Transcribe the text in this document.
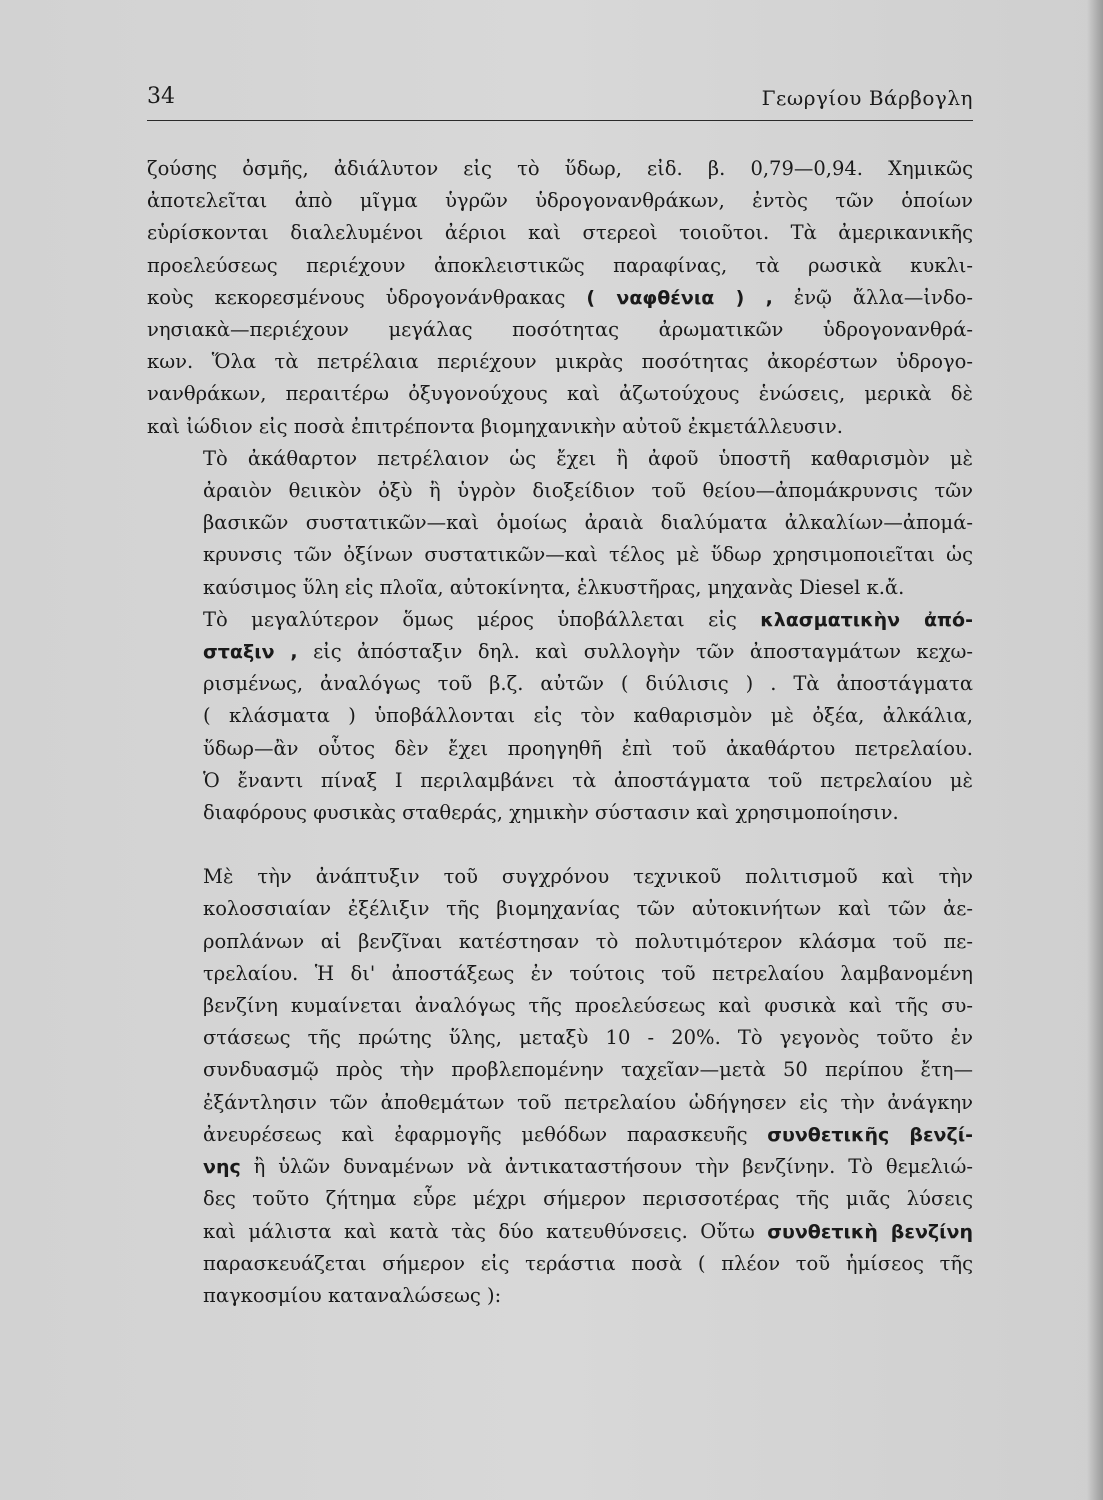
34	Γεωργίου Βάρβογλη

ζούσης ὀσμῆς, ἀδιάλυτον εἰς τὸ ὕδωρ, εἰδ. β. 0,79—0,94. Χημικῶς
ἀποτελεῖται ἀπὸ μῖγμα ὑγρῶν ὑδρογονανθράκων, ἐντὸς τῶν ὁποίων
εὑρίσκονται διαλελυμένοι ἀέριοι καὶ στερεοὶ τοιοῦτοι. Τὰ ἀμερικανικῆς
προελεύσεως περιέχουν ἀποκλειστικῶς παραφίνας, τὰ ρωσικὰ κυκλι-
κοὺς κεκορεσμένους ὑδρογονάνθρακας ( ναφθένια ) , ἐνῷ ἄλλα—ἰνδο-
νησιακὰ—περιέχουν μεγάλας ποσότητας ἀρωματικῶν ὑδρογονανθρά-
κων. Ὅλα τὰ πετρέλαια περιέχουν μικρὰς ποσότητας ἀκορέστων ὑδρογο-
νανθράκων, περαιτέρω ὀξυγονούχους καὶ ἀζωτούχους ἑνώσεις, μερικὰ δὲ
καὶ ἰώδιον εἰς ποσὰ ἐπιτρέποντα βιομηχανικὴν αὐτοῦ ἐκμετάλλευσιν.

Τὸ ἀκάθαρτον πετρέλαιον ὡς ἔχει ἢ ἀφοῦ ὑποστῆ καθαρισμὸν μὲ
ἀραιὸν θειικὸν ὀξὺ ἢ ὑγρὸν διοξείδιον τοῦ θείου—ἀπομάκρυνσις τῶν
βασικῶν συστατικῶν—καὶ ὁμοίως ἀραιὰ διαλύματα ἀλκαλίων—ἀπομά-
κρυνσις τῶν ὀξίνων συστατικῶν—καὶ τέλος μὲ ὕδωρ χρησιμοποιεῖται ὡς
καύσιμος ὕλη εἰς πλοῖα, αὐτοκίνητα, ἑλκυστῆρας, μηχανὰς Diesel κ.ἄ.

Τὸ μεγαλύτερον ὅμως μέρος ὑποβάλλεται εἰς κλασματικὴν ἀπό-
σταξιν , εἰς ἀπόσταξιν δηλ. καὶ συλλογὴν τῶν ἀποσταγμάτων κεχω-
ρισμένως, ἀναλόγως τοῦ β.ζ. αὐτῶν ( διύλισις ) . Τὰ ἀποστάγματα
( κλάσματα ) ὑποβάλλονται εἰς τὸν καθαρισμὸν μὲ ὀξέα, ἀλκάλια,
ὕδωρ—ἂν οὗτος δὲν ἔχει προηγηθῆ ἐπὶ τοῦ ἀκαθάρτου πετρελαίου.
Ὁ ἔναντι πίναξ I περιλαμβάνει τὰ ἀποστάγματα τοῦ πετρελαίου μὲ
διαφόρους φυσικὰς σταθεράς, χημικὴν σύστασιν καὶ χρησιμοποίησιν.

Μὲ τὴν ἀνάπτυξιν τοῦ συγχρόνου τεχνικοῦ πολιτισμοῦ καὶ τὴν
κολοσσιαίαν ἐξέλιξιν τῆς βιομηχανίας τῶν αὐτοκινήτων καὶ τῶν ἀε-
ροπλάνων αἱ βενζῖναι κατέστησαν τὸ πολυτιμότερον κλάσμα τοῦ πε-
τρελαίου. Ἡ δι' ἀποστάξεως ἐν τούτοις τοῦ πετρελαίου λαμβανομένη
βενζίνη κυμαίνεται ἀναλόγως τῆς προελεύσεως καὶ φυσικὰ καὶ τῆς συ-
στάσεως τῆς πρώτης ὕλης, μεταξὺ 10 - 20%. Τὸ γεγονὸς τοῦτο ἐν
συνδυασμῷ πρὸς τὴν προβλεπομένην ταχεῖαν—μετὰ 50 περίπου ἔτη—
ἐξάντλησιν τῶν ἀποθεμάτων τοῦ πετρελαίου ὡδήγησεν εἰς τὴν ἀνάγκην
ἀνευρέσεως καὶ ἐφαρμογῆς μεθόδων παρασκευῆς συνθετικῆς βενζί-
νης ἢ ὑλῶν δυναμένων νὰ ἀντικαταστήσουν τὴν βενζίνην. Τὸ θεμελιώ-
δες τοῦτο ζήτημα εὗρε μέχρι σήμερον περισσοτέρας τῆς μιᾶς λύσεις
καὶ μάλιστα καὶ κατὰ τὰς δύο κατευθύνσεις. Οὕτω συνθετικὴ βενζίνη
παρασκευάζεται σήμερον εἰς τεράστια ποσὰ ( πλέον τοῦ ἡμίσεος τῆς
παγκοσμίου καταναλώσεως ):
